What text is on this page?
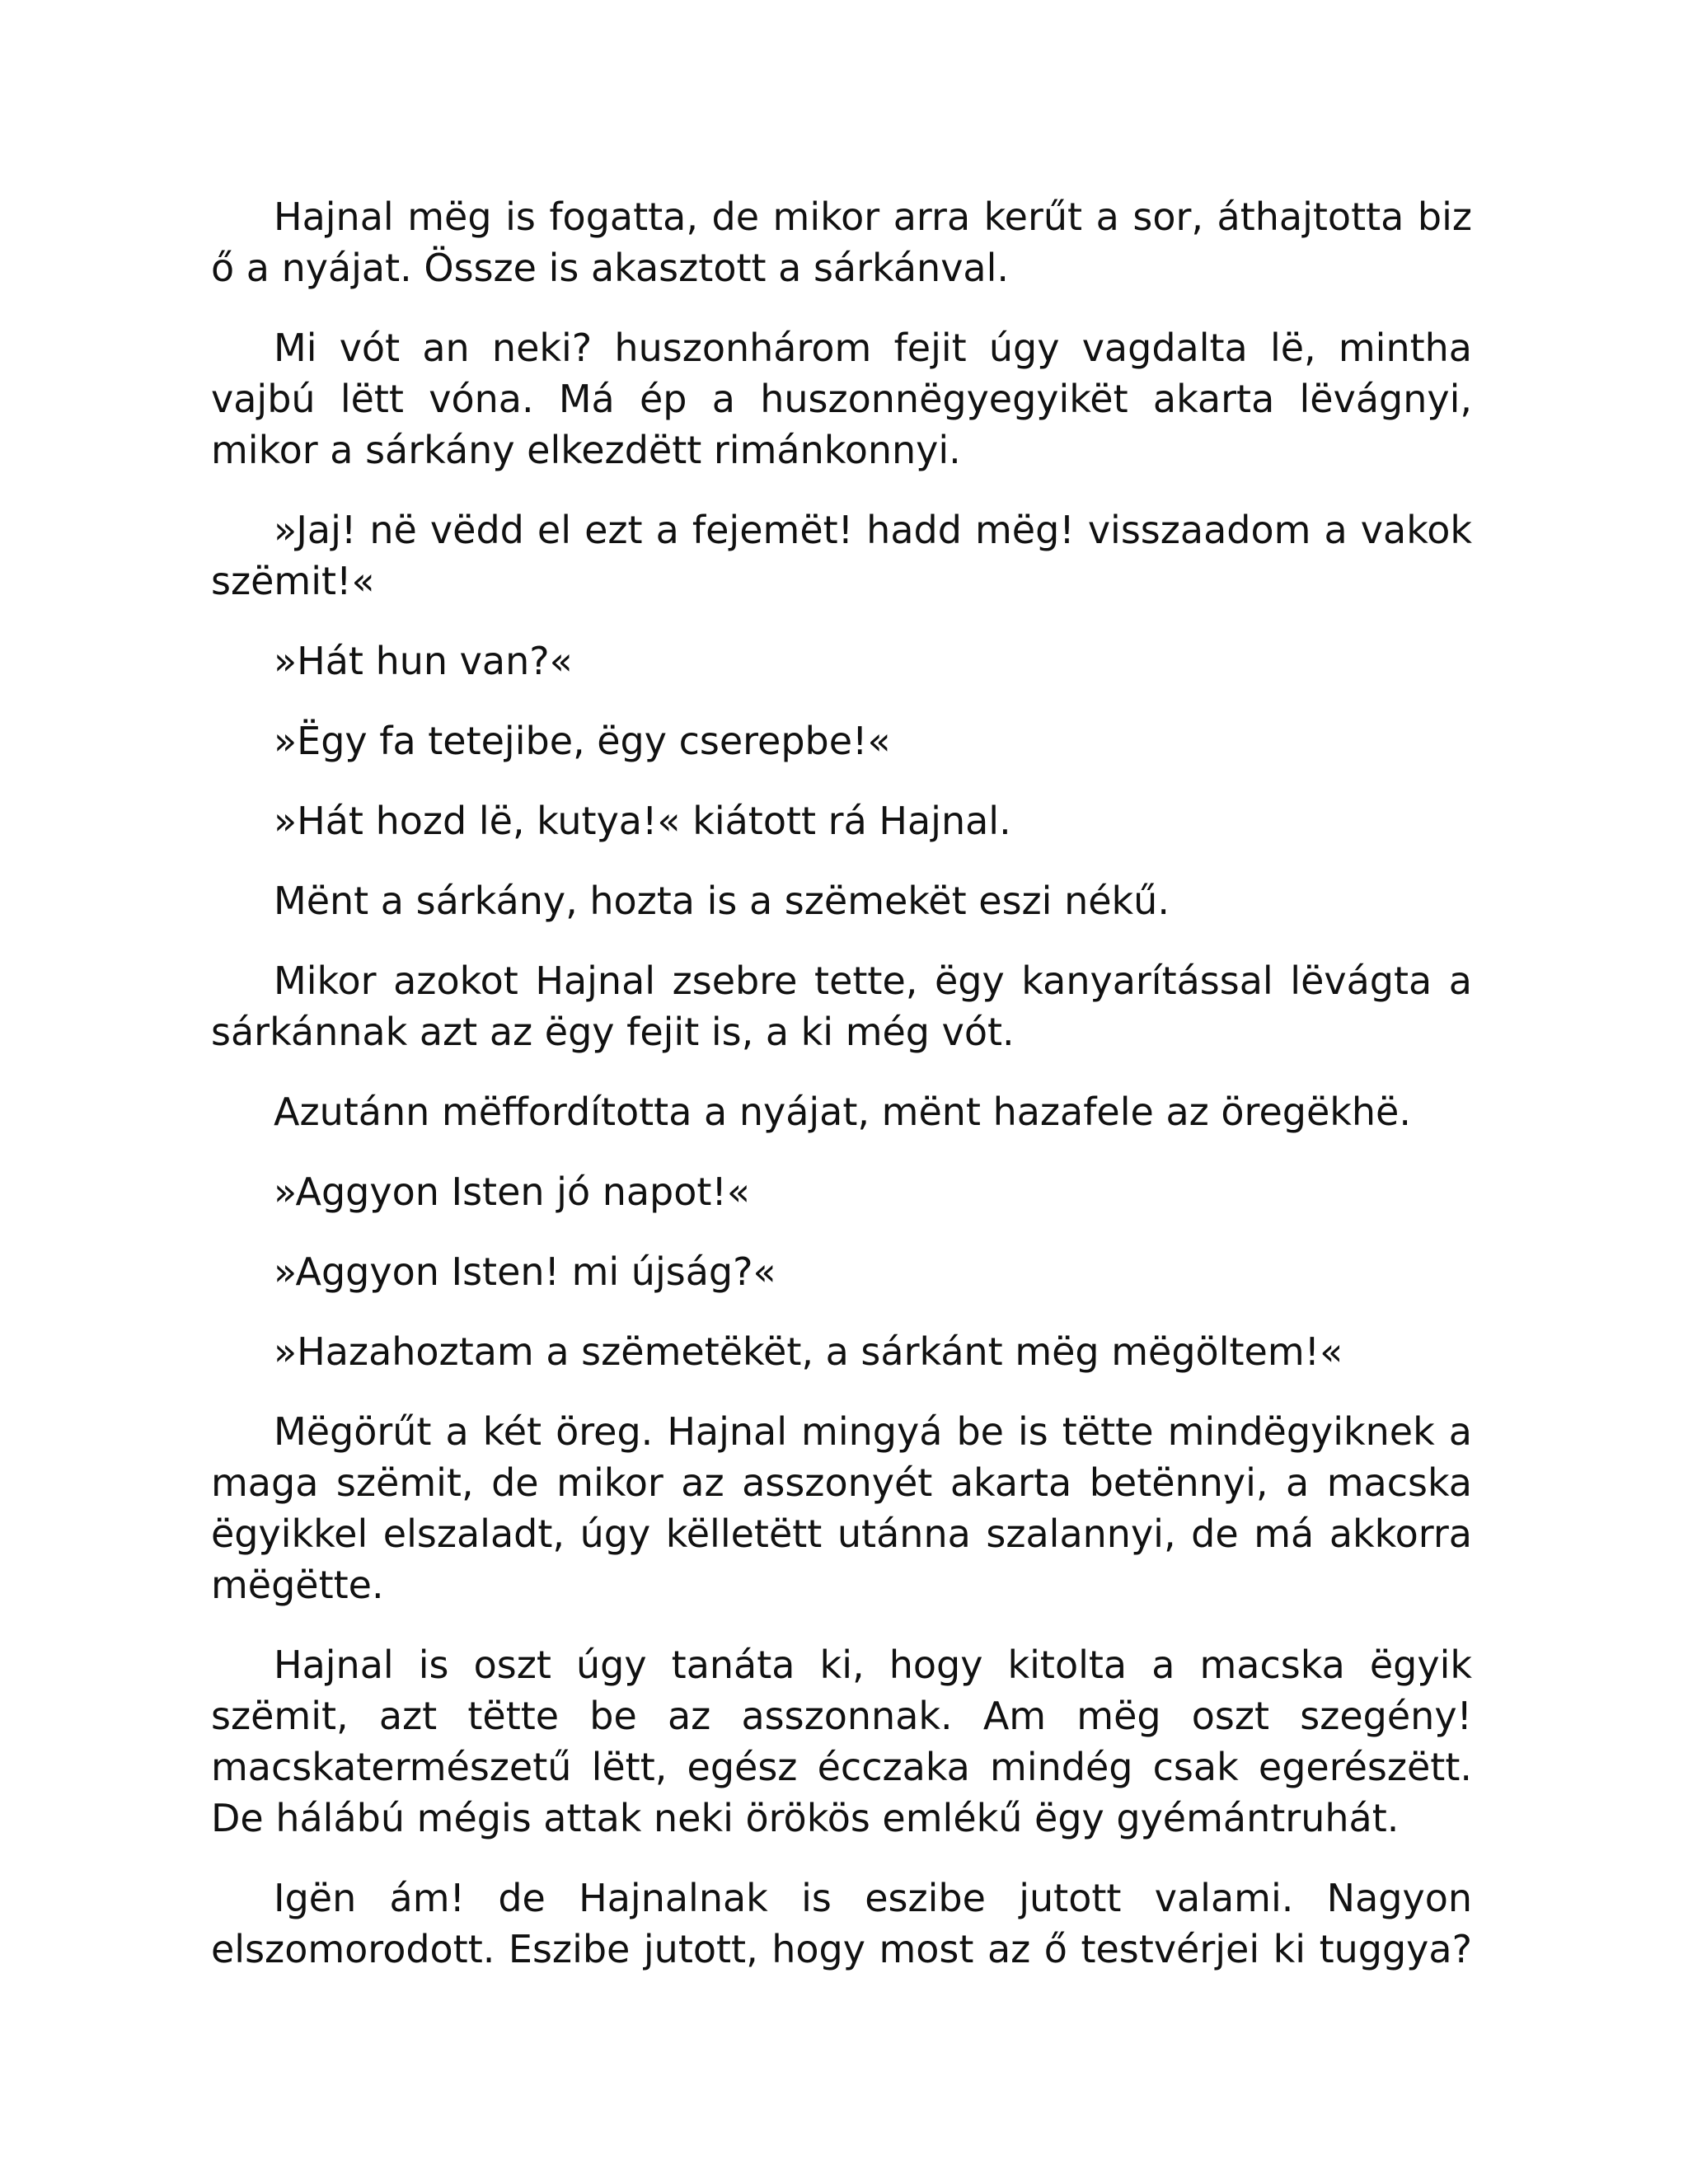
Hajnal mëg is fogatta, de mikor arra kerűt a sor, áthajtotta biz ő a nyájat. Össze is akasztott a sárkánval.

Mi vót an neki? huszonhárom fejit úgy vagdalta lë, mintha vajbú lëtt vóna. Má ép a huszonnëgyegyikët akarta lëvágnyi, mikor a sárkány elkezdëtt rimánkonnyi.

»Jaj! në vëdd el ezt a fejemët! hadd mëg! visszaadom a vakok szëmit!«

»Hát hun van?«

»Ëgy fa tetejibe, ëgy cserepbe!«

»Hát hozd lë, kutya!« kiátott rá Hajnal.

Mënt a sárkány, hozta is a szëmekët eszi nékű.

Mikor azokot Hajnal zsebre tette, ëgy kanyarítással lëvágta a sárkánnak azt az ëgy fejit is, a ki még vót.

Azutánn mëffordította a nyájat, mënt hazafele az öregëkhë.

»Aggyon Isten jó napot!«

»Aggyon Isten! mi újság?«

»Hazahoztam a szëmetëkët, a sárkánt mëg mëgöltem!«

Mëgörűt a két öreg. Hajnal mingyá be is tëtte mindëgyiknek a maga szëmit, de mikor az asszonyét akarta betënnyi, a macska ëgyikkel elszaladt, úgy këlletëtt utánna szalannyi, de má akkorra mëgëtte.

Hajnal is oszt úgy tanáta ki, hogy kitolta a macska ëgyik szëmit, azt tëtte be az asszonnak. Am mëg oszt szegény! macskatermészetű lëtt, egész écczaka mindég csak egerészëtt. De hálábú mégis attak neki örökös emlékű ëgy gyémántruhát.

Igën ám! de Hajnalnak is eszibe jutott valami. Nagyon elszomorodott. Eszibe jutott, hogy most az ő testvérjei ki tuggya?
